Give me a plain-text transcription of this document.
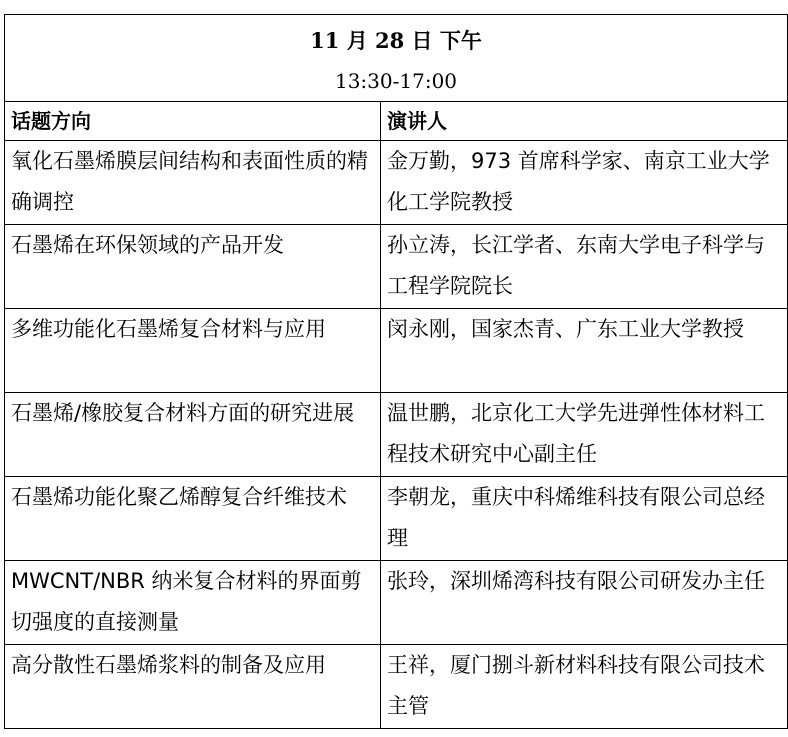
11 月 28 日 下午
13:30-17:00	

话题方向	演讲人

氧化石墨烯膜层间结构和表面性质的精确调控	金万勤，973 首席科学家、南京工业大学化工学院教授

石墨烯在环保领域的产品开发	孙立涛，长江学者、东南大学电子科学与工程学院院长

多维功能化石墨烯复合材料与应用	闵永刚，国家杰青、广东工业大学教授

石墨烯/橡胶复合材料方面的研究进展	温世鹏，北京化工大学先进弹性体材料工程技术研究中心副主任

石墨烯功能化聚乙烯醇复合纤维技术	李朝龙，重庆中科烯维科技有限公司总经理

MWCNT/NBR 纳米复合材料的界面剪切强度的直接测量	张玲，深圳烯湾科技有限公司研发办主任

高分散性石墨烯浆料的制备及应用	王祥，厦门捌斗新材料科技有限公司技术主管
